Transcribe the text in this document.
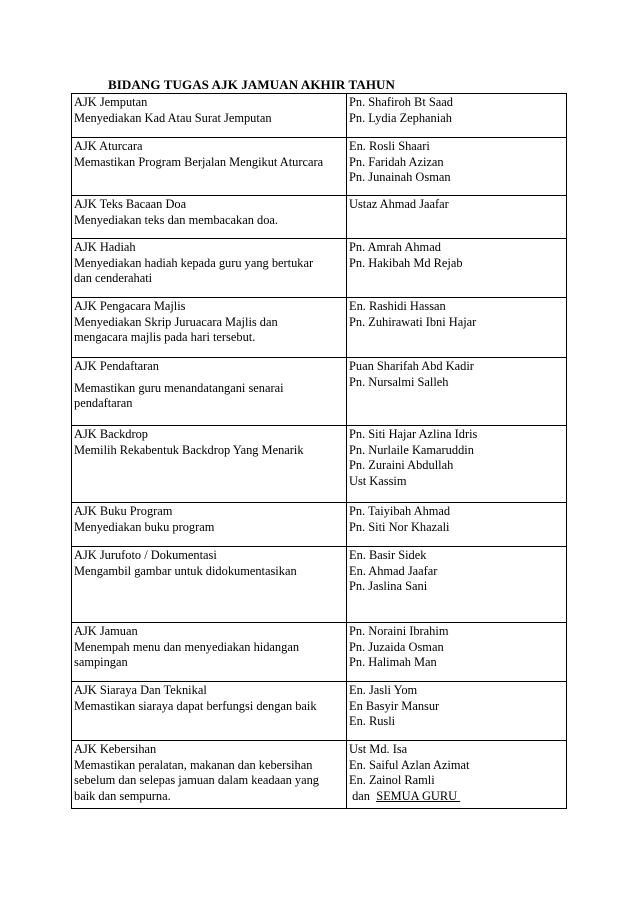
BIDANG TUGAS AJK JAMUAN AKHIR TAHUN
AJK Jemputan
Menyediakan Kad Atau Surat Jemputan	Pn. Shafiroh Bt Saad
Pn. Lydia Zephaniah

AJK Aturcara
Memastikan Program Berjalan Mengikut Aturcara	En. Rosli Shaari
Pn. Faridah Azizan
Pn. Junainah Osman

AJK Teks Bacaan Doa
Menyediakan teks dan membacakan doa.	Ustaz Ahmad Jaafar

AJK Hadiah
Menyediakan hadiah kepada guru yang bertukar
dan cenderahati	Pn. Amrah Ahmad
Pn. Hakibah Md Rejab

AJK Pengacara Majlis
Menyediakan Skrip Juruacara Majlis dan
mengacara majlis pada hari tersebut.	En. Rashidi Hassan
Pn. Zuhirawati Ibni Hajar

AJK Pendaftaran
Memastikan guru menandatangani senarai
pendaftaran	Puan Sharifah Abd Kadir
Pn. Nursalmi Salleh

AJK Backdrop
Memilih Rekabentuk Backdrop Yang Menarik	Pn. Siti Hajar Azlina Idris
Pn. Nurlaile Kamaruddin
Pn. Zuraini Abdullah
Ust Kassim

AJK Buku Program
Menyediakan buku program	Pn. Taiyibah Ahmad
Pn. Siti Nor Khazali

AJK Jurufoto / Dokumentasi
Mengambil gambar untuk didokumentasikan	En. Basir Sidek
En. Ahmad Jaafar
Pn. Jaslina Sani

AJK Jamuan
Menempah menu dan menyediakan hidangan
sampingan	Pn. Noraini Ibrahim
Pn. Juzaida Osman
Pn. Halimah Man

AJK Siaraya Dan Teknikal
Memastikan siaraya dapat berfungsi dengan baik	En. Jasli Yom
En Basyir Mansur
En. Rusli

AJK Kebersihan
Memastikan peralatan, makanan dan kebersihan
sebelum dan selepas jamuan dalam keadaan yang
baik dan sempurna.	Ust Md. Isa
En. Saiful Azlan Azimat
En. Zainol Ramli
dan  SEMUA GURU
